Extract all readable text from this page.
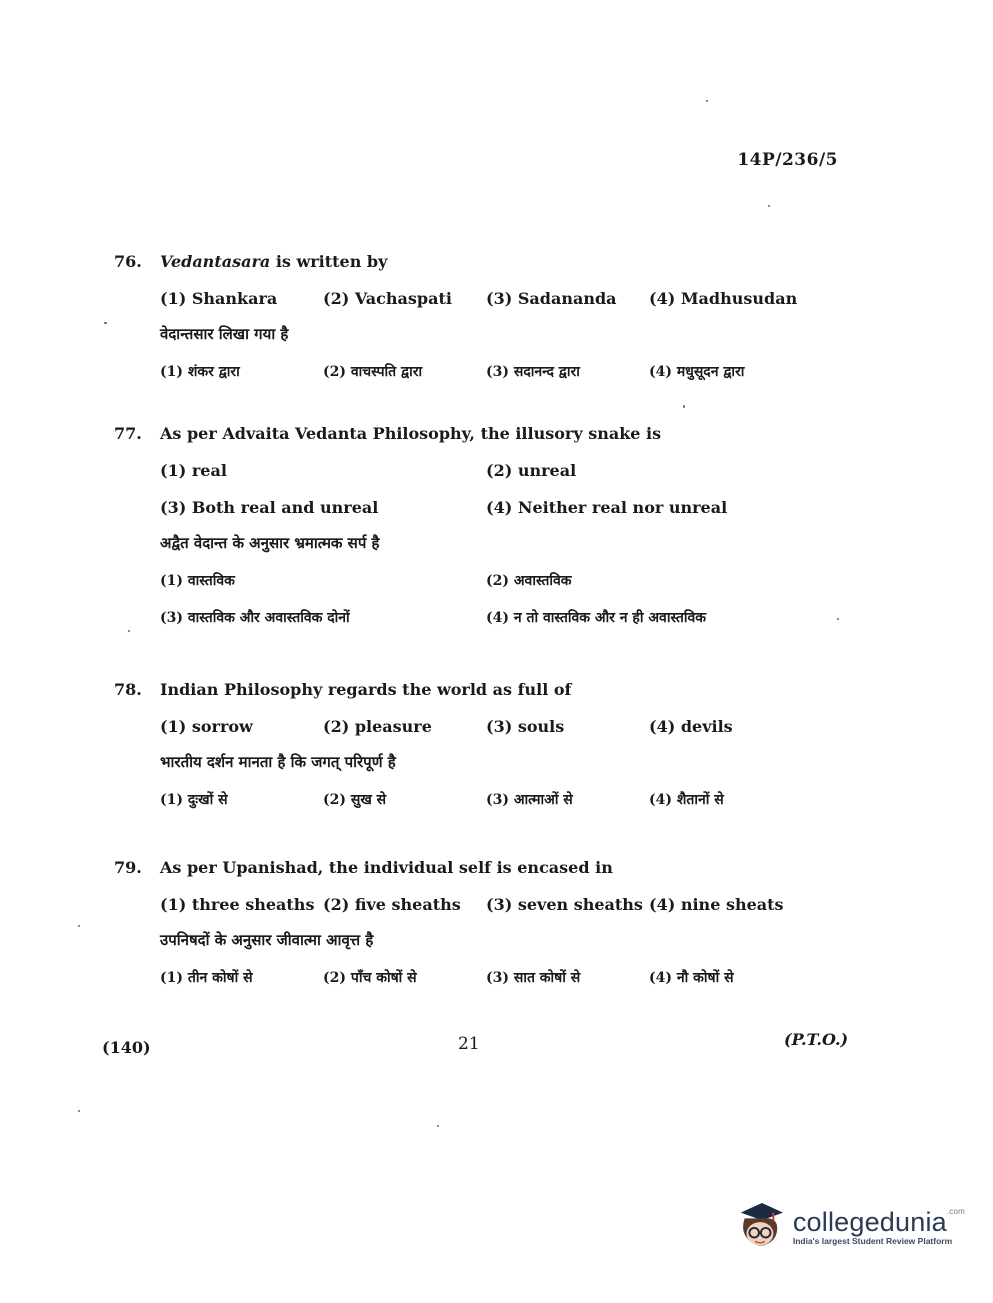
14P/236/5
76.	Vedantasara is written by
(1) Shankara	(2) Vachaspati	(3) Sadananda	(4) Madhusudan
वेदान्तसार लिखा गया है
(1) शंकर द्वारा	(2) वाचस्पति द्वारा	(3) सदानन्द द्वारा	(4) मधुसूदन द्वारा
77.	As per Advaita Vedanta Philosophy, the illusory snake is
(1) real	(2) unreal
(3) Both real and unreal	(4) Neither real nor unreal
अद्वैत वेदान्त के अनुसार भ्रमात्मक सर्प है
(1) वास्तविक	(2) अवास्तविक
(3) वास्तविक और अवास्तविक दोनों	(4) न तो वास्तविक और न ही अवास्तविक
78.	Indian Philosophy regards the world as full of
(1) sorrow	(2) pleasure	(3) souls	(4) devils
भारतीय दर्शन मानता है कि जगत् परिपूर्ण है
(1) दुःखों से	(2) सुख से	(3) आत्माओं से	(4) शैतानों से
79.	As per Upanishad, the individual self is encased in
(1) three sheaths (2) five sheaths	(3) seven sheaths (4) nine sheats
उपनिषदों के अनुसार जीवात्मा आवृत्त है
(1) तीन कोषों से	(2) पाँच कोषों से	(3) सात कोषों से	(4) नौ कोषों से
(140)	21	(P.T.O.)
collegedunia$^{.com}$
India's largest Student Review Platform
